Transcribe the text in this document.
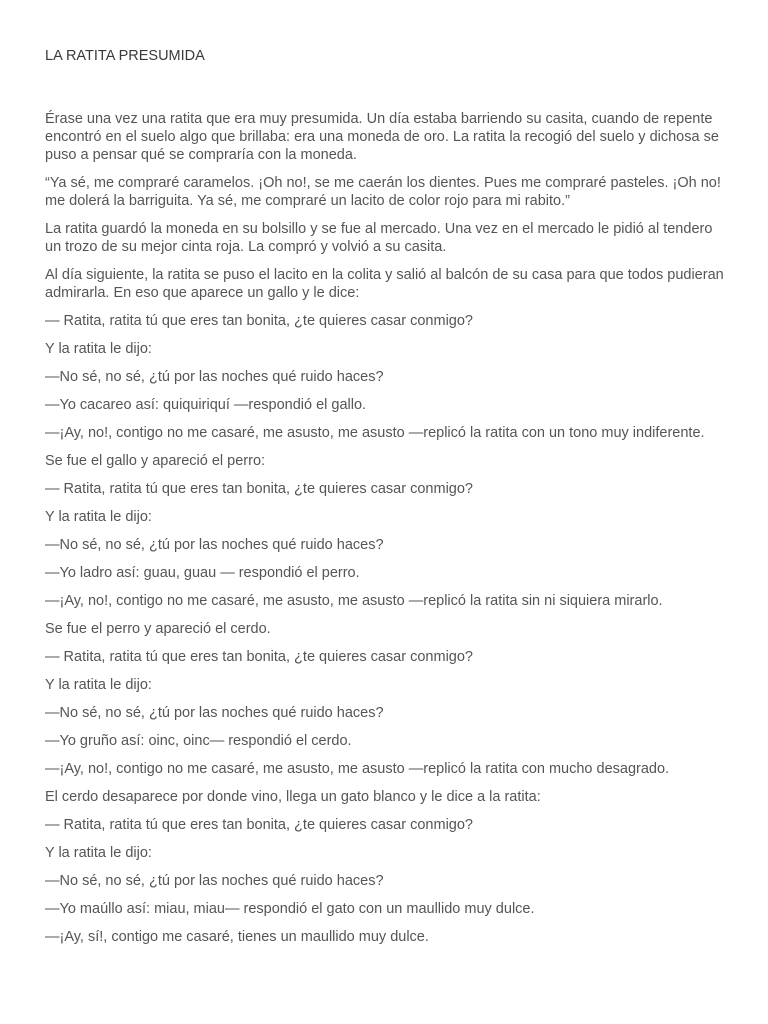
LA RATITA PRESUMIDA

Érase una vez una ratita que era muy presumida. Un día estaba barriendo su casita, cuando de repente encontró en el suelo algo que brillaba: era una moneda de oro. La ratita la recogió del suelo y dichosa se puso a pensar qué se compraría con la moneda.

“Ya sé, me compraré caramelos. ¡Oh no!, se me caerán los dientes. Pues me compraré pasteles. ¡Oh no! me dolerá la barriguita. Ya sé, me compraré un lacito de color rojo para mi rabito.”

La ratita guardó la moneda en su bolsillo y se fue al mercado. Una vez en el mercado le pidió al tendero un trozo de su mejor cinta roja. La compró y volvió a su casita.

Al día siguiente, la ratita se puso el lacito en la colita y salió al balcón de su casa para que todos pudieran admirarla. En eso que aparece un gallo y le dice:

— Ratita, ratita tú que eres tan bonita, ¿te quieres casar conmigo?

Y la ratita le dijo:

—No sé, no sé, ¿tú por las noches qué ruido haces?

—Yo cacareo así: quiquiriquí —respondió el gallo.

—¡Ay, no!, contigo no me casaré, me asusto, me asusto —replicó la ratita con un tono muy indiferente.

Se fue el gallo y apareció el perro:

— Ratita, ratita tú que eres tan bonita, ¿te quieres casar conmigo?

Y la ratita le dijo:

—No sé, no sé, ¿tú por las noches qué ruido haces?

—Yo ladro así: guau, guau — respondió el perro.

—¡Ay, no!, contigo no me casaré, me asusto, me asusto —replicó la ratita sin ni siquiera mirarlo.

Se fue el perro y apareció el cerdo.

— Ratita, ratita tú que eres tan bonita, ¿te quieres casar conmigo?

Y la ratita le dijo:

—No sé, no sé, ¿tú por las noches qué ruido haces?

—Yo gruño así: oinc, oinc— respondió el cerdo.

—¡Ay, no!, contigo no me casaré, me asusto, me asusto —replicó la ratita con mucho desagrado.

El cerdo desaparece por donde vino, llega un gato blanco y le dice a la ratita:

— Ratita, ratita tú que eres tan bonita, ¿te quieres casar conmigo?

Y la ratita le dijo:

—No sé, no sé, ¿tú por las noches qué ruido haces?

—Yo maúllo así: miau, miau— respondió el gato con un maullido muy dulce.

—¡Ay, sí!, contigo me casaré, tienes un maullido muy dulce.
